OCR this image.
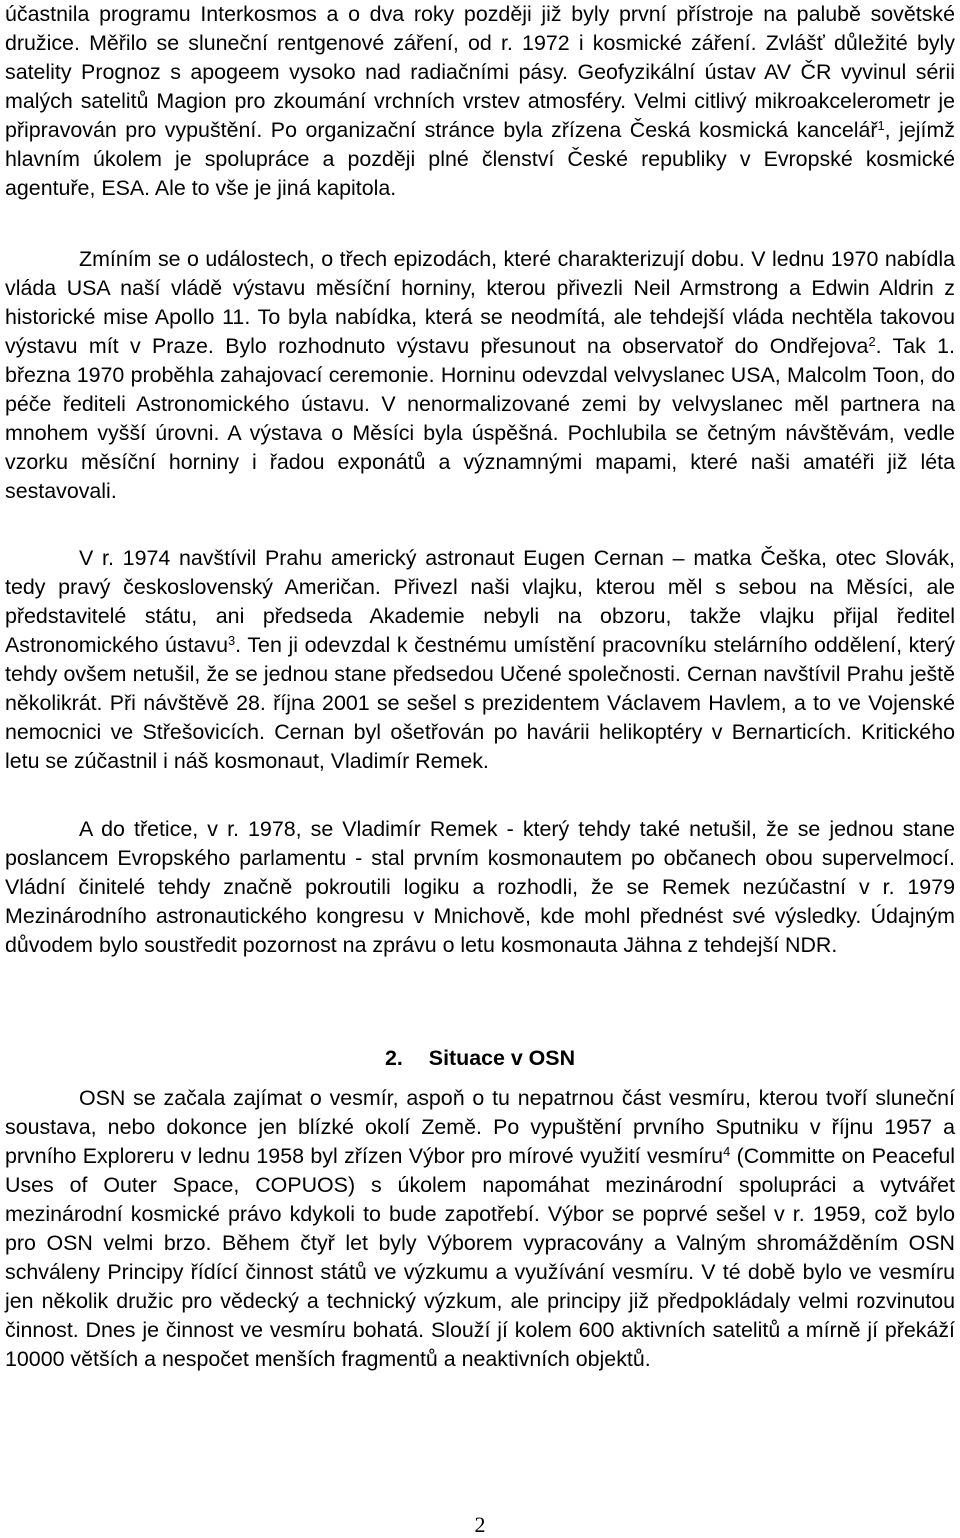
účastnila programu Interkosmos a o dva roky později již byly první přístroje na palubě sovětské družice. Měřilo se sluneční rentgenové záření, od r. 1972 i kosmické záření. Zvlášť důležité byly satelity Prognoz s apogeem vysoko nad radiačními pásy. Geofyzikální ústav AV ČR vyvinul sérii malých satelitů Magion pro zkoumání vrchních vrstev atmosféry. Velmi citlivý mikroakcelerometr je připravován pro vypuštění. Po organizační stránce byla zřízena Česká kosmická kancelář$^1$, jejímž hlavním úkolem je spolupráce a později plné členství České republiky v Evropské kosmické agentuře, ESA. Ale to vše je jiná kapitola.

Zmíním se o událostech, o třech epizodách, které charakterizují dobu. V lednu 1970 nabídla vláda USA naší vládě výstavu měsíční horniny, kterou přivezli Neil Armstrong a Edwin Aldrin z historické mise Apollo 11. To byla nabídka, která se neodmítá, ale tehdejší vláda nechtěla takovou výstavu mít v Praze. Bylo rozhodnuto výstavu přesunout na observatoř do Ondřejova$^2$. Tak 1. března 1970 proběhla zahajovací ceremonie. Horninu odevzdal velvyslanec USA, Malcolm Toon, do péče řediteli Astronomického ústavu. V nenormalizované zemi by velvyslanec měl partnera na mnohem vyšší úrovni. A výstava o Měsíci byla úspěšná. Pochlubila se četným návštěvám, vedle vzorku měsíční horniny i řadou exponátů a významnými mapami, které naši amatéři již léta sestavovali.

V r. 1974 navštívil Prahu americký astronaut Eugen Cernan – matka Češka, otec Slovák, tedy pravý československý Američan. Přivezl naši vlajku, kterou měl s sebou na Měsíci, ale představitelé státu, ani předseda Akademie nebyli na obzoru, takže vlajku přijal ředitel Astronomického ústavu$^3$. Ten ji odevzdal k čestnému umístění pracovníku stelárního oddělení, který tehdy ovšem netušil, že se jednou stane předsedou Učené společnosti. Cernan navštívil Prahu ještě několikrát. Při návštěvě 28. října 2001 se sešel s prezidentem Václavem Havlem, a to ve Vojenské nemocnici ve Střešovicích. Cernan byl ošetřován po havárii helikoptéry v Bernarticích. Kritického letu se zúčastnil i náš kosmonaut, Vladimír Remek.

A do třetice, v r. 1978, se Vladimír Remek - který tehdy také netušil, že se jednou stane poslancem Evropského parlamentu - stal prvním kosmonautem po občanech obou supervelmocí. Vládní činitelé tehdy značně pokroutili logiku a rozhodli, že se Remek nezúčastní v r. 1979 Mezinárodního astronautického kongresu v Mnichově, kde mohl přednést své výsledky. Údajným důvodem bylo soustředit pozornost na zprávu o letu kosmonauta Jähna z tehdejší NDR.

2. Situace v OSN

OSN se začala zajímat o vesmír, aspoň o tu nepatrnou část vesmíru, kterou tvoří sluneční soustava, nebo dokonce jen blízké okolí Země. Po vypuštění prvního Sputniku v říjnu 1957 a prvního Exploreru v lednu 1958 byl zřízen Výbor pro mírové využití vesmíru$^4$ (Committe on Peaceful Uses of Outer Space, COPUOS) s úkolem napomáhat mezinárodní spolupráci a vytvářet mezinárodní kosmické právo kdykoli to bude zapotřebí. Výbor se poprvé sešel v r. 1959, což bylo pro OSN velmi brzo. Během čtyř let byly Výborem vypracovány a Valným shromážděním OSN schváleny Principy řídící činnost států ve výzkumu a využívání vesmíru. V té době bylo ve vesmíru jen několik družic pro vědecký a technický výzkum, ale principy již předpokládaly velmi rozvinutou činnost. Dnes je činnost ve vesmíru bohatá. Slouží jí kolem 600 aktivních satelitů a mírně jí překáží 10000 větších a nespočet menších fragmentů a neaktivních objektů.

2
